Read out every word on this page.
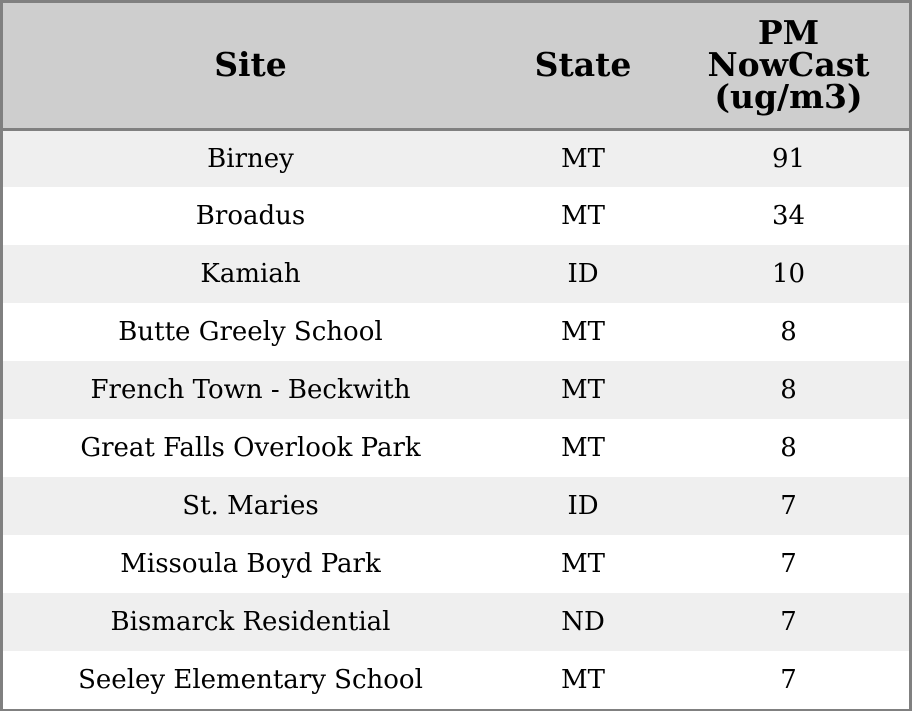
Site	State	PM
NowCast
(ug/m3)
Birney	MT	91
Broadus	MT	34
Kamiah	ID	10
Butte Greely School	MT	8
French Town - Beckwith	MT	8
Great Falls Overlook Park	MT	8
St. Maries	ID	7
Missoula Boyd Park	MT	7
Bismarck Residential	ND	7
Seeley Elementary School	MT	7
